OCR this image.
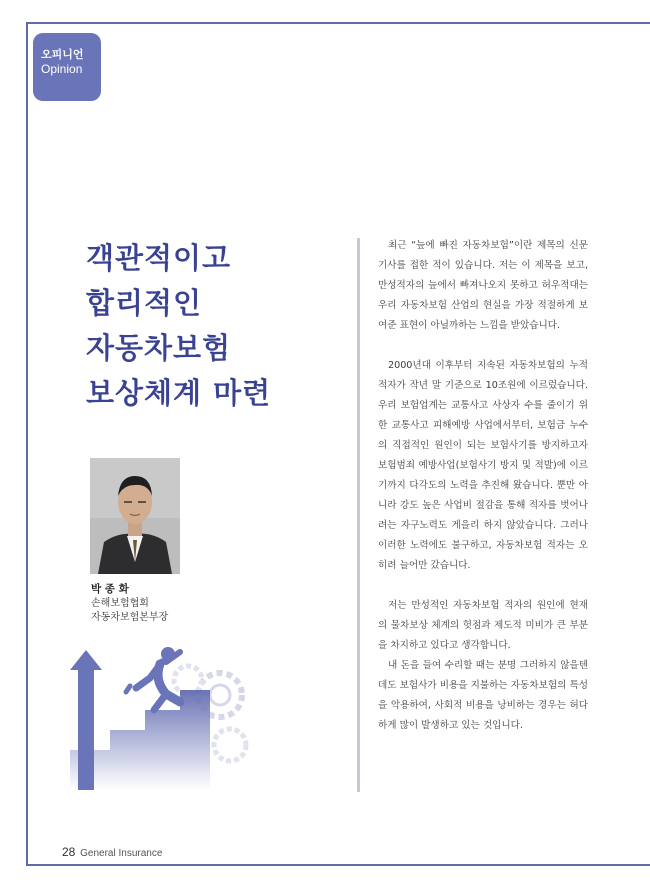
오피니언
Opinion
객관적이고
합리적인
자동차보험
보상체계 마련
박 종 화
손해보험협회
자동차보험본부장

최근 “늪에 빠진 자동차보험”이란 제목의 신문기사를 접한 적이 있습니다. 저는 이 제목을 보고, 만성적자의 늪에서 빠져나오지 못하고 허우적대는 우리 자동차보험 산업의 현실을 가장 적절하게 보여준 표현이 아닐까하는 느낌을 받았습니다.

2000년대 이후부터 지속된 자동차보험의 누적적자가 작년 말 기준으로 10조원에 이르렀습니다. 우리 보험업계는 교통사고 사상자 수를 줄이기 위한 교통사고 피해예방 사업에서부터, 보험금 누수의 직접적인 원인이 되는 보험사기를 방지하고자 보험범죄 예방사업(보험사기 방지 및 적발)에 이르기까지 다각도의 노력을 추진해 왔습니다. 뿐만 아니라 강도 높은 사업비 절감을 통해 적자를 벗어나려는 자구노력도 게을리 하지 않았습니다. 그러나 이러한 노력에도 불구하고, 자동차보험 적자는 오히려 늘어만 갔습니다.

저는 만성적인 자동차보험 적자의 원인에 현재의 물차보상 체계의 헛점과 제도적 미비가 큰 부분을 차지하고 있다고 생각합니다.

내 돈을 들여 수리할 때는 분명 그러하지 않을텐데도 보험사가 비용을 지불하는 자동차보험의 특성을 악용하여, 사회적 비용을 낭비하는 경우는 허다하게 많이 발생하고 있는 것입니다.

28 General Insurance
